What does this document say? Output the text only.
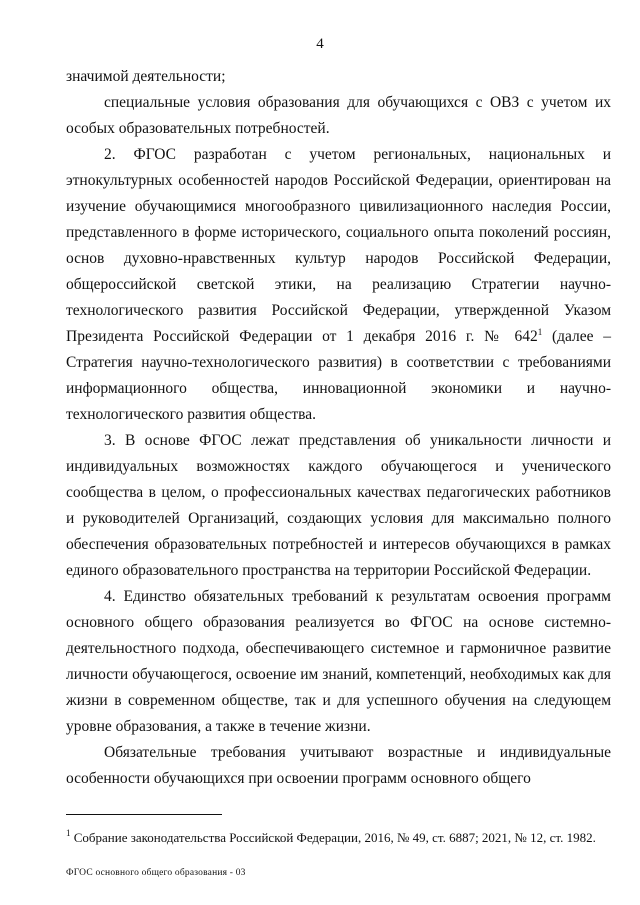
4

значимой деятельности;

специальные условия образования для обучающихся с ОВЗ с учетом их особых образовательных потребностей.

2. ФГОС разработан с учетом региональных, национальных и этнокультурных особенностей народов Российской Федерации, ориентирован на изучение обучающимися многообразного цивилизационного наследия России, представленного в форме исторического, социального опыта поколений россиян, основ духовно-нравственных культур народов Российской Федерации, общероссийской светской этики, на реализацию Стратегии научно-технологического развития Российской Федерации, утвержденной Указом Президента Российской Федерации от 1 декабря 2016 г. № $642^1$ (далее – Стратегия научно-технологического развития) в соответствии с требованиями информационного общества, инновационной экономики и научно-технологического развития общества.

3. В основе ФГОС лежат представления об уникальности личности и индивидуальных возможностях каждого обучающегося и ученического сообщества в целом, о профессиональных качествах педагогических работников и руководителей Организаций, создающих условия для максимально полного обеспечения образовательных потребностей и интересов обучающихся в рамках единого образовательного пространства на территории Российской Федерации.

4. Единство обязательных требований к результатам освоения программ основного общего образования реализуется во ФГОС на основе системно-деятельностного подхода, обеспечивающего системное и гармоничное развитие личности обучающегося, освоение им знаний, компетенций, необходимых как для жизни в современном обществе, так и для успешного обучения на следующем уровне образования, а также в течение жизни.

Обязательные требования учитывают возрастные и индивидуальные особенности обучающихся при освоении программ основного общего

$^1$ Собрание законодательства Российской Федерации, 2016, № 49, ст. 6887; 2021, № 12, ст. 1982.
ФГОС основного общего образования - 03
